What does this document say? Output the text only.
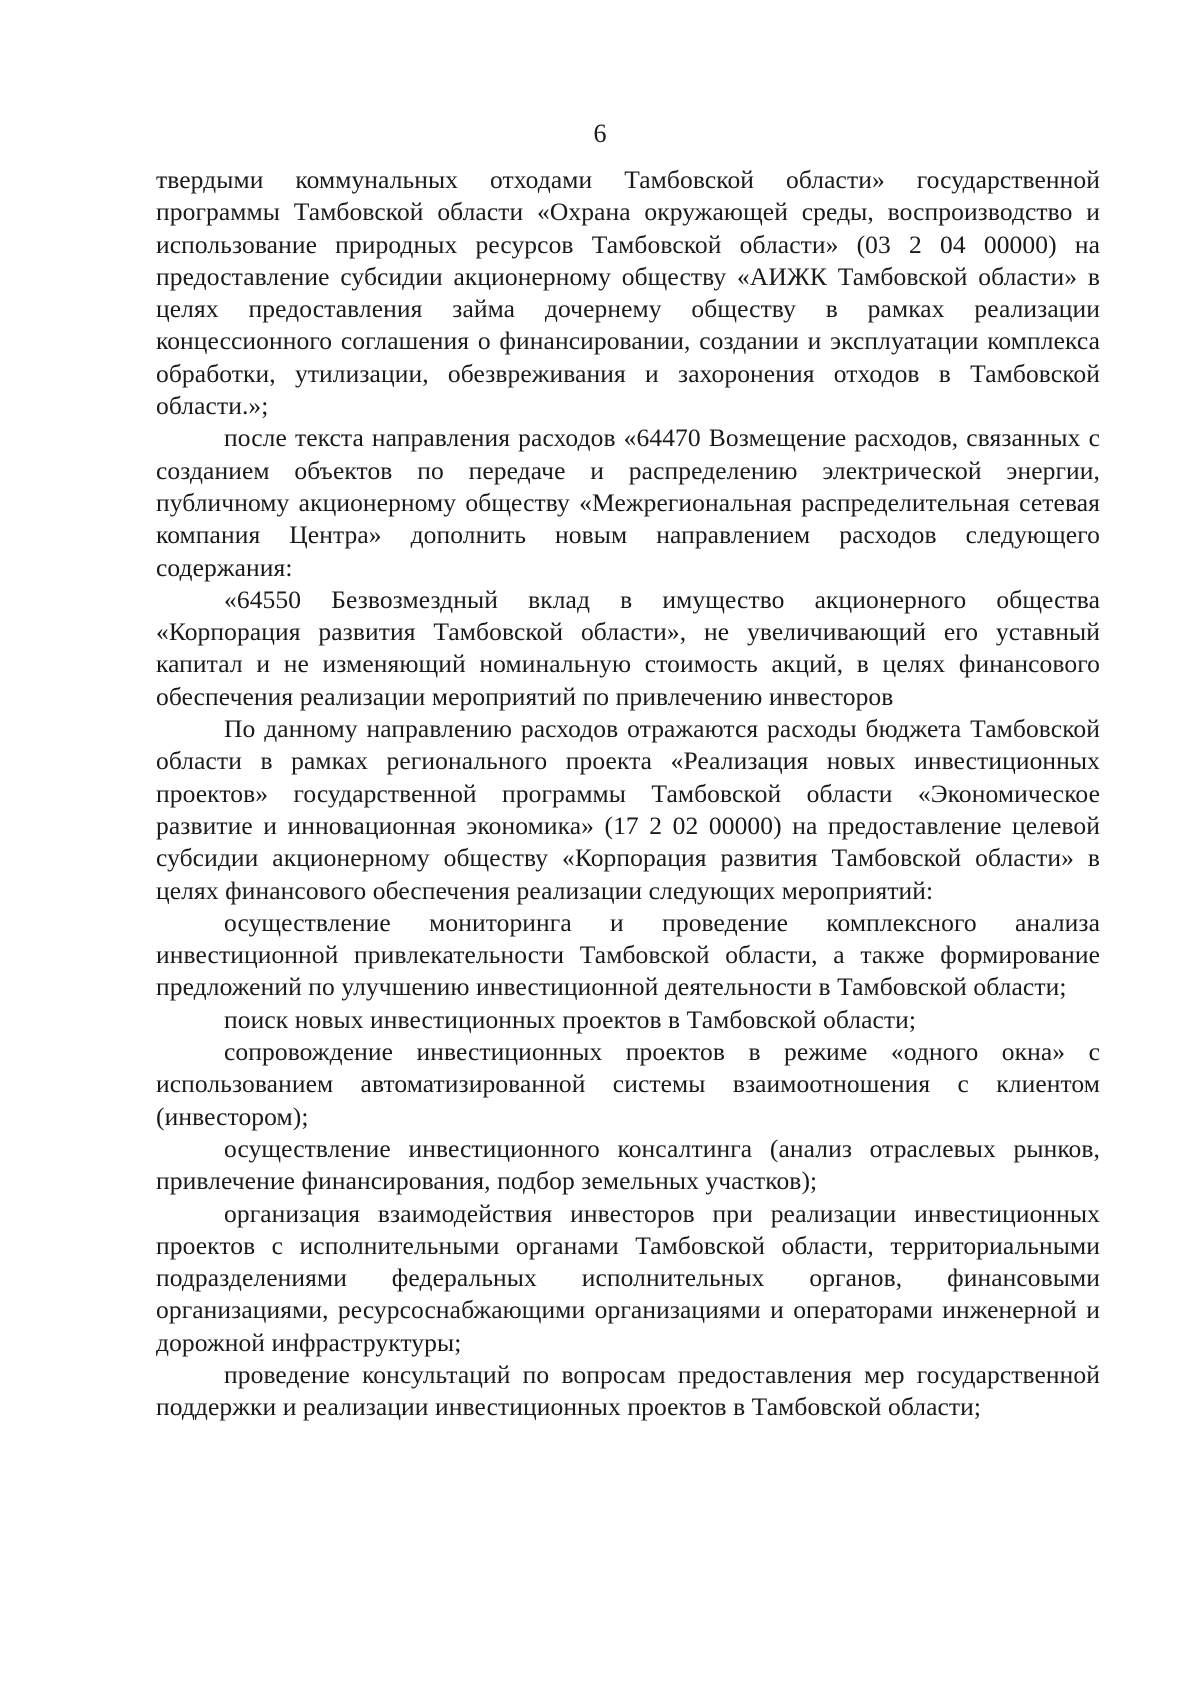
6

твердыми коммунальных отходами Тамбовской области» государственной программы Тамбовской области «Охрана окружающей среды, воспроизводство и использование природных ресурсов Тамбовской области» (03 2 04 00000) на предоставление субсидии акционерному обществу «АИЖК Тамбовской области» в целях предоставления займа дочернему обществу в рамках реализации концессионного соглашения о финансировании, создании и эксплуатации комплекса обработки, утилизации, обезвреживания и захоронения отходов в Тамбовской области.»;

после текста направления расходов «64470 Возмещение расходов, связанных с созданием объектов по передаче и распределению электрической энергии, публичному акционерному обществу «Межрегиональная распределительная сетевая компания Центра» дополнить новым направлением расходов следующего содержания:

«64550 Безвозмездный вклад в имущество акционерного общества «Корпорация развития Тамбовской области», не увеличивающий его уставный капитал и не изменяющий номинальную стоимость акций, в целях финансового обеспечения реализации мероприятий по привлечению инвесторов

По данному направлению расходов отражаются расходы бюджета Тамбовской области в рамках регионального проекта «Реализация новых инвестиционных проектов» государственной программы Тамбовской области «Экономическое развитие и инновационная экономика» (17 2 02 00000) на предоставление целевой субсидии акционерному обществу «Корпорация развития Тамбовской области» в целях финансового обеспечения реализации следующих мероприятий:

осуществление мониторинга и проведение комплексного анализа инвестиционной привлекательности Тамбовской области, а также формирование предложений по улучшению инвестиционной деятельности в Тамбовской области;

поиск новых инвестиционных проектов в Тамбовской области;

сопровождение инвестиционных проектов в режиме «одного окна» с использованием автоматизированной системы взаимоотношения с клиентом (инвестором);

осуществление инвестиционного консалтинга (анализ отраслевых рынков, привлечение финансирования, подбор земельных участков);

организация взаимодействия инвесторов при реализации инвестиционных проектов с исполнительными органами Тамбовской области, территориальными подразделениями федеральных исполнительных органов, финансовыми организациями, ресурсоснабжающими организациями и операторами инженерной и дорожной инфраструктуры;

проведение консультаций по вопросам предоставления мер государственной поддержки и реализации инвестиционных проектов в Тамбовской области;
